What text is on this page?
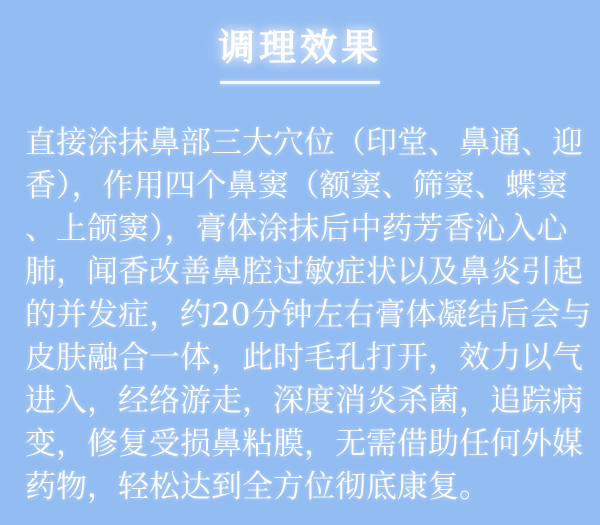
调理效果
直接涂抹鼻部三大穴位（印堂、鼻通、迎
香），作用四个鼻窦（额窦、筛窦、蝶窦
、上颌窦），膏体涂抹后中药芳香沁入心
肺，闻香改善鼻腔过敏症状以及鼻炎引起
的并发症，约20分钟左右膏体凝结后会与
皮肤融合一体，此时毛孔打开，效力以气
进入，经络游走，深度消炎杀菌，追踪病
变，修复受损鼻粘膜，无需借助任何外媒
药物，轻松达到全方位彻底康复。
